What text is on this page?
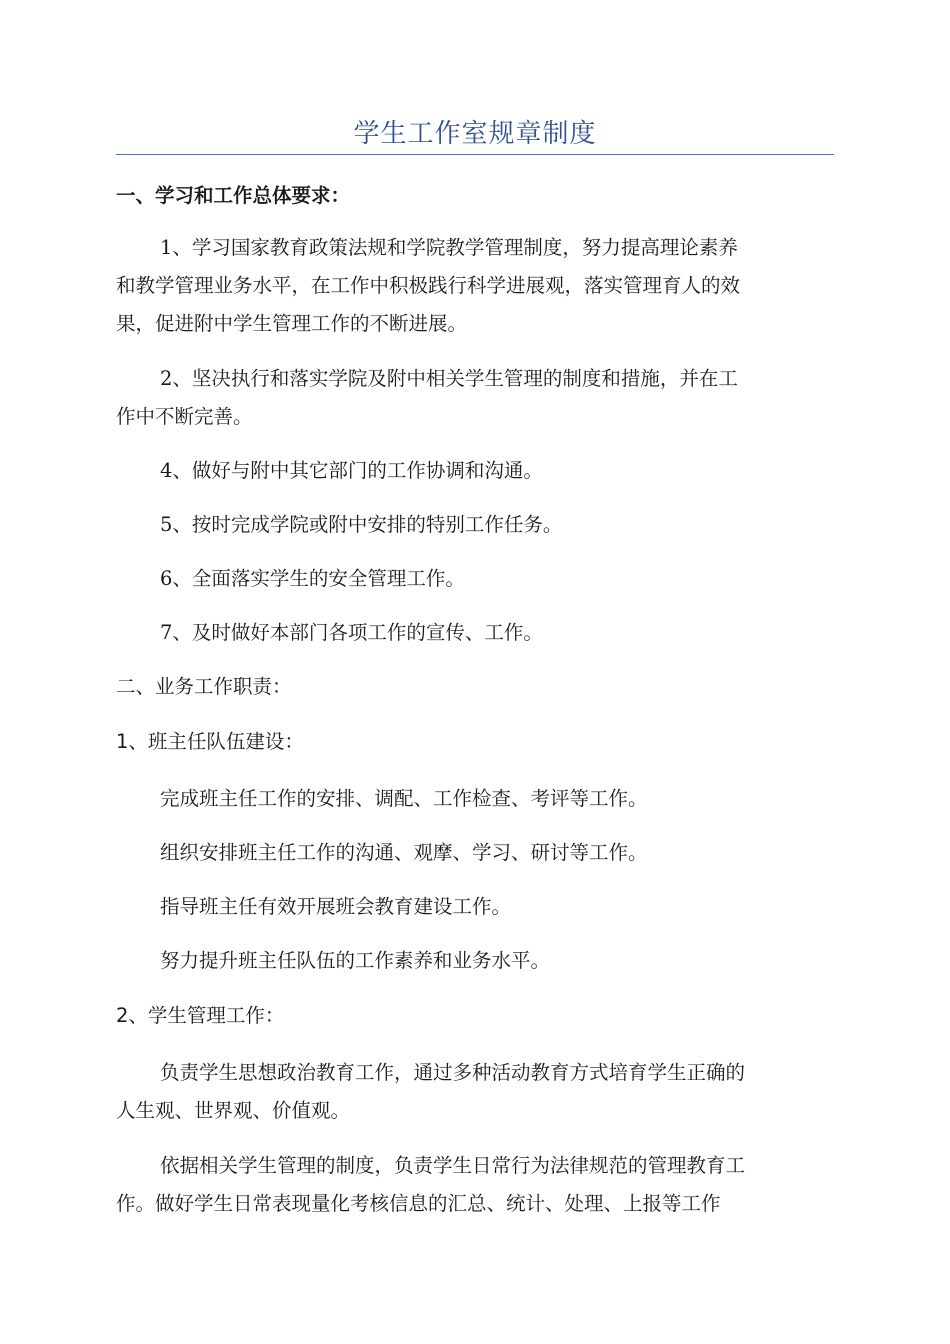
学生工作室规章制度
一、学习和工作总体要求：
1、学习国家教育政策法规和学院教学管理制度，努力提高理论素养
和教学管理业务水平，在工作中积极践行科学进展观，落实管理育人的效
果，促进附中学生管理工作的不断进展。
2、坚决执行和落实学院及附中相关学生管理的制度和措施，并在工
作中不断完善。
4、做好与附中其它部门的工作协调和沟通。
5、按时完成学院或附中安排的特别工作任务。
6、全面落实学生的安全管理工作。
7、及时做好本部门各项工作的宣传、工作。
二、业务工作职责：
1、班主任队伍建设：
完成班主任工作的安排、调配、工作检查、考评等工作。
组织安排班主任工作的沟通、观摩、学习、研讨等工作。
指导班主任有效开展班会教育建设工作。
努力提升班主任队伍的工作素养和业务水平。
2、学生管理工作：
负责学生思想政治教育工作，通过多种活动教育方式培育学生正确的
人生观、世界观、价值观。
依据相关学生管理的制度，负责学生日常行为法律规范的管理教育工
作。做好学生日常表现量化考核信息的汇总、统计、处理、上报等工作
